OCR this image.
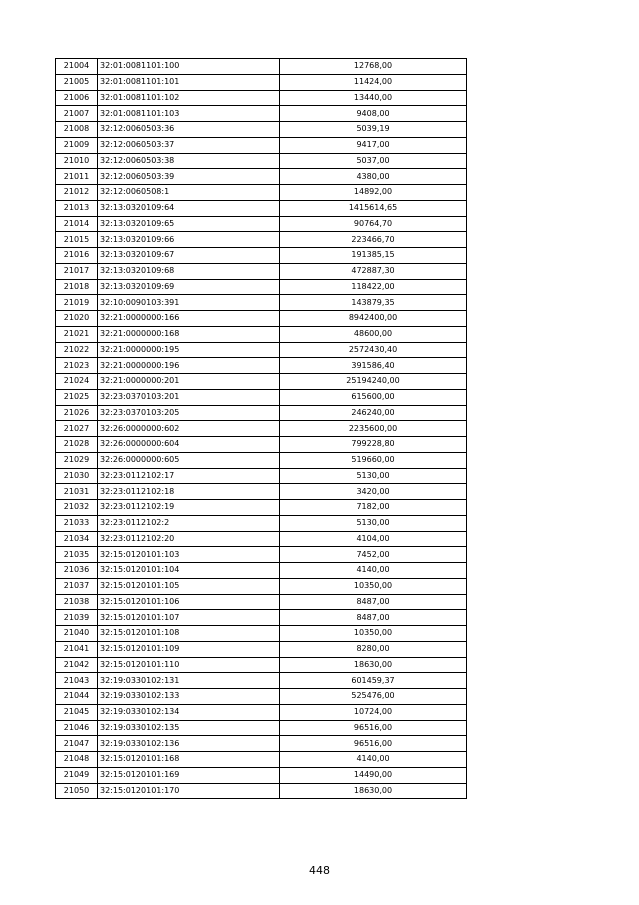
21004	32:01:0081101:100	12768,00
21005	32:01:0081101:101	11424,00
21006	32:01:0081101:102	13440,00
21007	32:01:0081101:103	9408,00
21008	32:12:0060503:36	5039,19
21009	32:12:0060503:37	9417,00
21010	32:12:0060503:38	5037,00
21011	32:12:0060503:39	4380,00
21012	32:12:0060508:1	14892,00
21013	32:13:0320109:64	1415614,65
21014	32:13:0320109:65	90764,70
21015	32:13:0320109:66	223466,70
21016	32:13:0320109:67	191385,15
21017	32:13:0320109:68	472887,30
21018	32:13:0320109:69	118422,00
21019	32:10:0090103:391	143879,35
21020	32:21:0000000:166	8942400,00
21021	32:21:0000000:168	48600,00
21022	32:21:0000000:195	2572430,40
21023	32:21:0000000:196	391586,40
21024	32:21:0000000:201	25194240,00
21025	32:23:0370103:201	615600,00
21026	32:23:0370103:205	246240,00
21027	32:26:0000000:602	2235600,00
21028	32:26:0000000:604	799228,80
21029	32:26:0000000:605	519660,00
21030	32:23:0112102:17	5130,00
21031	32:23:0112102:18	3420,00
21032	32:23:0112102:19	7182,00
21033	32:23:0112102:2	5130,00
21034	32:23:0112102:20	4104,00
21035	32:15:0120101:103	7452,00
21036	32:15:0120101:104	4140,00
21037	32:15:0120101:105	10350,00
21038	32:15:0120101:106	8487,00
21039	32:15:0120101:107	8487,00
21040	32:15:0120101:108	10350,00
21041	32:15:0120101:109	8280,00
21042	32:15:0120101:110	18630,00
21043	32:19:0330102:131	601459,37
21044	32:19:0330102:133	525476,00
21045	32:19:0330102:134	10724,00
21046	32:19:0330102:135	96516,00
21047	32:19:0330102:136	96516,00
21048	32:15:0120101:168	4140,00
21049	32:15:0120101:169	14490,00
21050	32:15:0120101:170	18630,00
448
